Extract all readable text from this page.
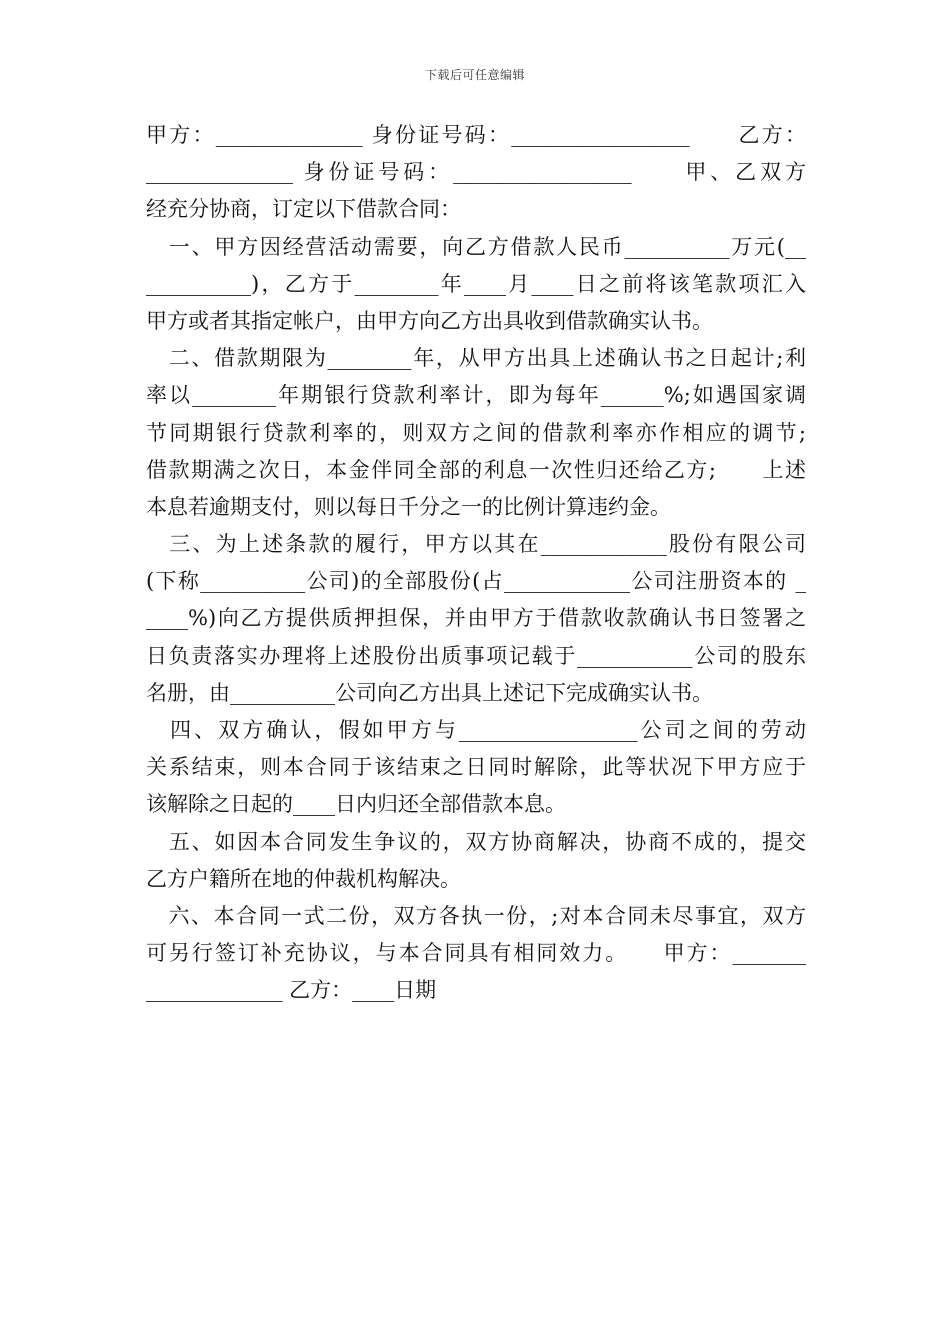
下载后可任意编辑
甲方：______________ 身份证号码：_________________　　乙方：
______________ 身份证号码：_________________　　甲、乙双方
经充分协商，订定以下借款合同：
　一、甲方因经营活动需要，向乙方借款人民币__________万元(__
__________)，乙方于________年____月____日之前将该笔款项汇入
甲方或者其指定帐户，由甲方向乙方出具收到借款确实认书。
　二、借款期限为________年，从甲方出具上述确认书之日起计;利
率以________年期银行贷款利率计，即为每年______%;如遇国家调
节同期银行贷款利率的，则双方之间的借款利率亦作相应的调节;
借款期满之次日，本金伴同全部的利息一次性归还给乙方;　　上述
本息若逾期支付，则以每日千分之一的比例计算违约金。
　三、为上述条款的履行，甲方以其在____________股份有限公司
(下称__________公司)的全部股份(占____________公司注册资本的 _
____%)向乙方提供质押担保，并由甲方于借款收款确认书日签署之
日负责落实办理将上述股份出质事项记载于___________公司的股东
名册，由__________公司向乙方出具上述记下完成确实认书。
　四、双方确认，假如甲方与_________________公司之间的劳动
关系结束，则本合同于该结束之日同时解除，此等状况下甲方应于
该解除之日起的____日内归还全部借款本息。
　五、如因本合同发生争议的，双方协商解决，协商不成的，提交
乙方户籍所在地的仲裁机构解决。
　六、本合同一式二份，双方各执一份，;对本合同未尽事宜，双方
可另行签订补充协议，与本合同具有相同效力。　　甲方：_______
_____________ 乙方：____日期
